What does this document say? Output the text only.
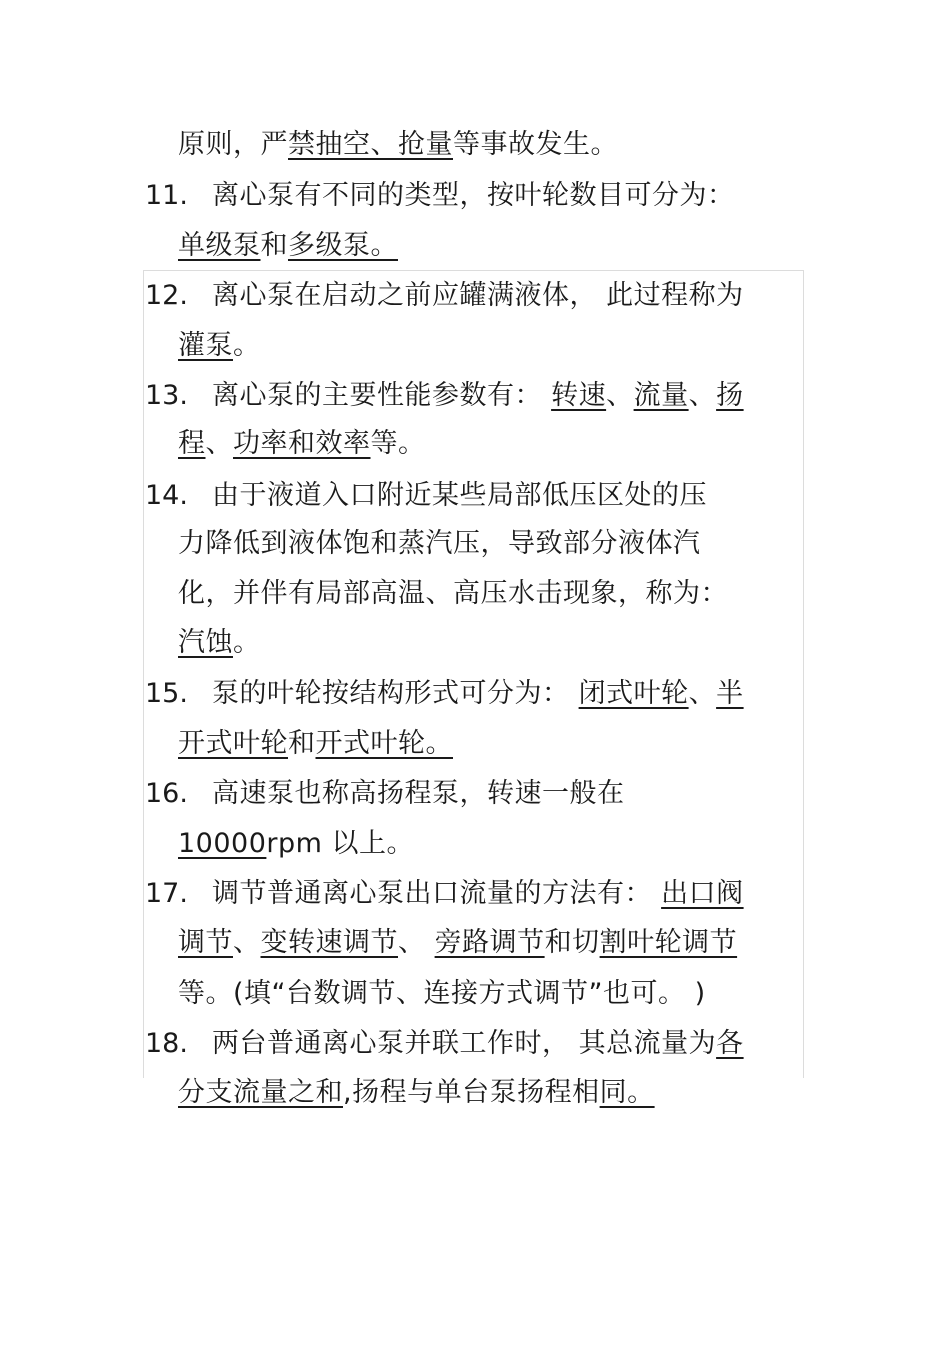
原则，严禁抽空、抢量等事故发生。
11. 离心泵有不同的类型，按叶轮数目可分为：
单级泵和多级泵。
12. 离心泵在启动之前应罐满液体， 此过程称为
灌泵。
13. 离心泵的主要性能参数有： 转速、流量、扬
程、功率和效率等。
14. 由于液道入口附近某些局部低压区处的压
力降低到液体饱和蒸汽压，导致部分液体汽
化，并伴有局部高温、高压水击现象，称为：
汽蚀。
15. 泵的叶轮按结构形式可分为： 闭式叶轮、半
开式叶轮和开式叶轮。
16. 高速泵也称高扬程泵，转速一般在
10000rpm 以上。
17. 调节普通离心泵出口流量的方法有： 出口阀
调节、变转速调节、 旁路调节和切割叶轮调节
等。(填“台数调节、连接方式调节”也可。 )
18. 两台普通离心泵并联工作时， 其总流量为各
分支流量之和,扬程与单台泵扬程相同。
